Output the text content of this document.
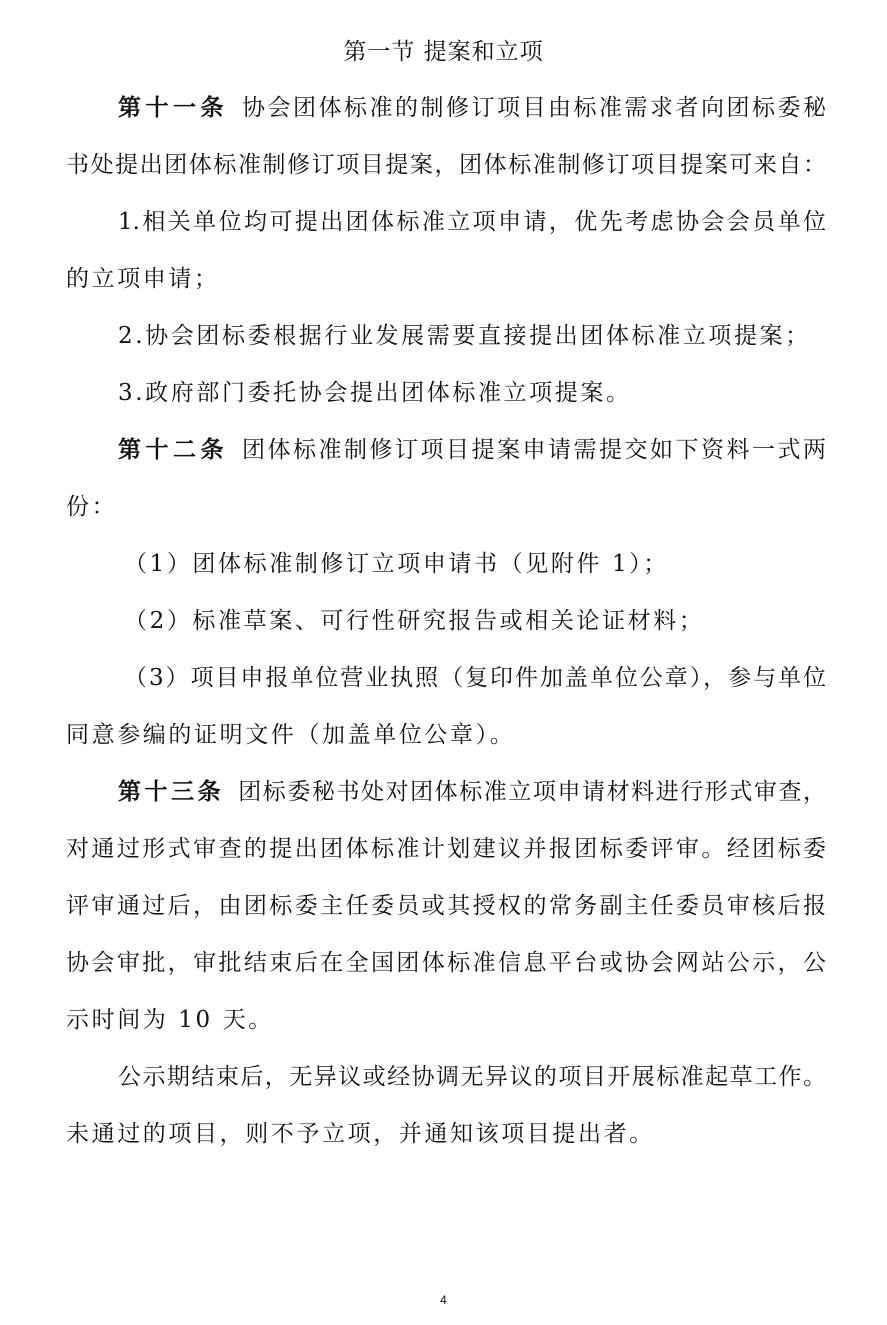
第一节 提案和立项
第十一条 协会团体标准的制修订项目由标准需求者向团标委秘
书处提出团体标准制修订项目提案，团体标准制修订项目提案可来自：
1.相关单位均可提出团体标准立项申请，优先考虑协会会员单位
的立项申请；
2.协会团标委根据行业发展需要直接提出团体标准立项提案；
3.政府部门委托协会提出团体标准立项提案。
第十二条 团体标准制修订项目提案申请需提交如下资料一式两
份：
（1）团体标准制修订立项申请书（见附件 1）；
（2）标准草案、可行性研究报告或相关论证材料；
（3）项目申报单位营业执照（复印件加盖单位公章），参与单位
同意参编的证明文件（加盖单位公章）。
第十三条 团标委秘书处对团体标准立项申请材料进行形式审查，
对通过形式审查的提出团体标准计划建议并报团标委评审。经团标委
评审通过后，由团标委主任委员或其授权的常务副主任委员审核后报
协会审批，审批结束后在全国团体标准信息平台或协会网站公示，公
示时间为 10 天。
公示期结束后，无异议或经协调无异议的项目开展标准起草工作。
未通过的项目，则不予立项，并通知该项目提出者。
4
